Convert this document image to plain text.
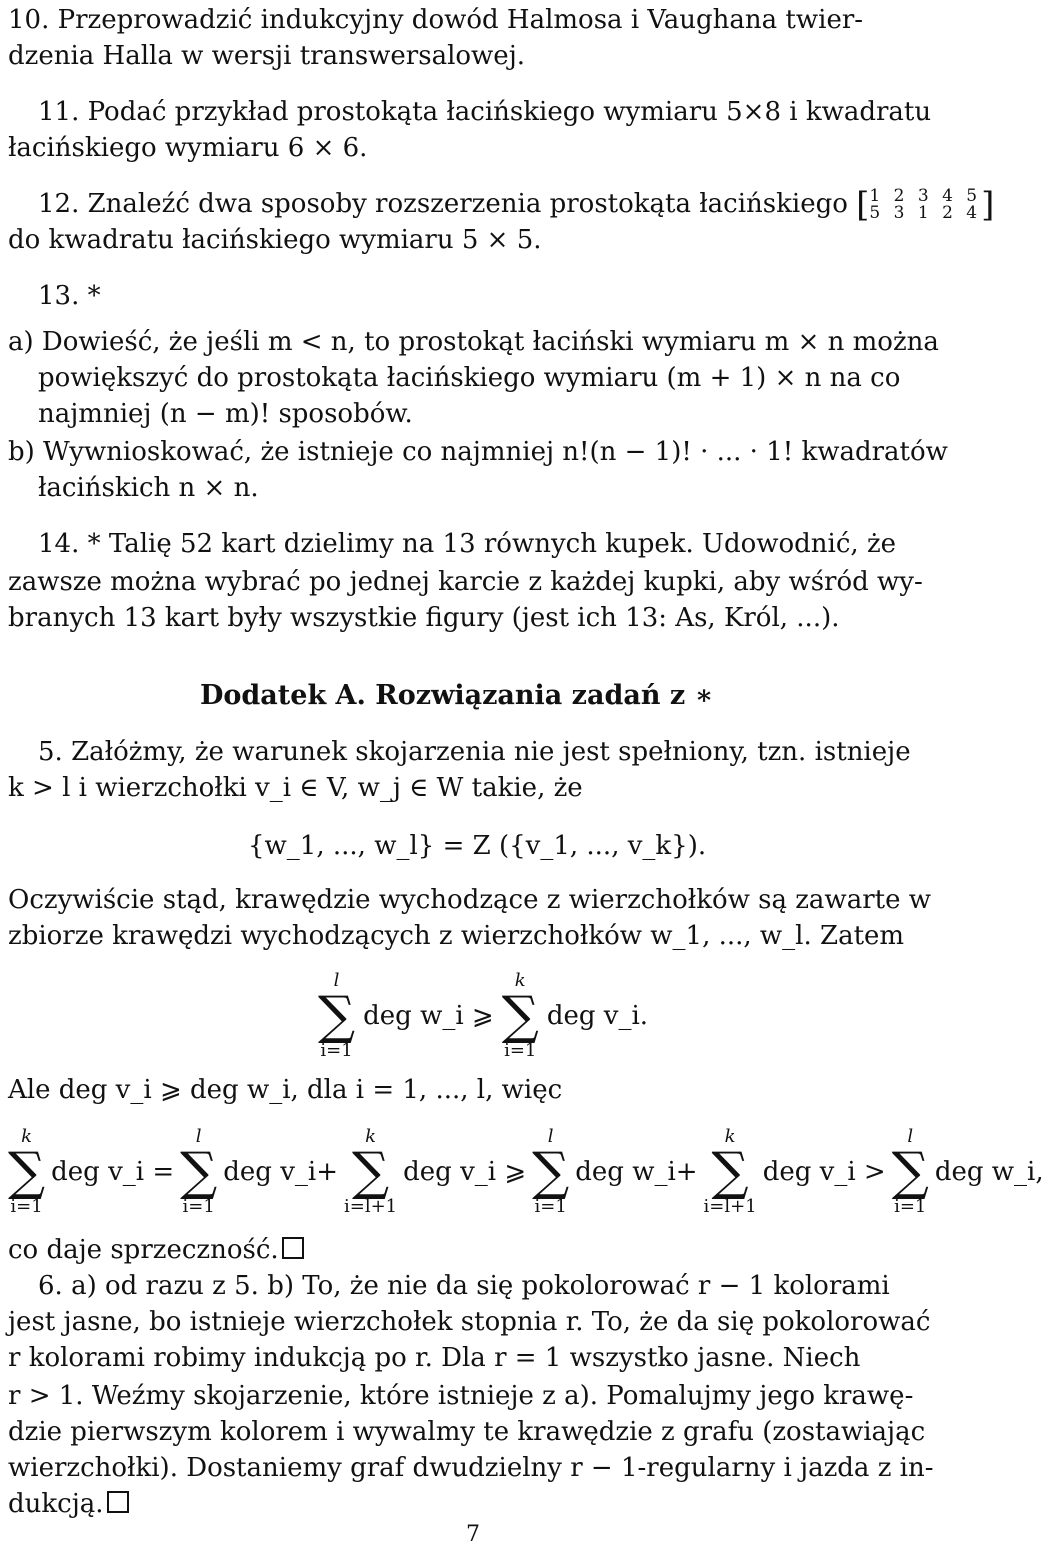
10. Przeprowadzić indukcyjny dowód Halmosa i Vaughana twier-
dzenia Halla w wersji transwersalowej.
11. Podać przykład prostokąta łacińskiego wymiaru 5×8 i kwadratu
łacińskiego wymiaru 6 × 6.
12. Znaleźć dwa sposoby rozszerzenia prostokąta łacińskiego [ 1 2 3 4 5
5 3 1 2 4 ]
do kwadratu łacińskiego wymiaru 5 × 5.
13. *
a) Dowieść, że jeśli m < n, to prostokąt łaciński wymiaru m × n można
powiększyć do prostokąta łacińskiego wymiaru (m + 1) × n na co
najmniej (n − m)! sposobów.
b) Wywnioskować, że istnieje co najmniej n!(n − 1)! · ... · 1! kwadratów
łacińskich n × n.
14. * Talię 52 kart dzielimy na 13 równych kupek. Udowodnić, że
zawsze można wybrać po jednej karcie z każdej kupki, aby wśród wy-
branych 13 kart były wszystkie figury (jest ich 13: As, Król, ...).
Dodatek A. Rozwiązania zadań z ∗
5. Załóżmy, że warunek skojarzenia nie jest spełniony, tzn. istnieje
k > l i wierzchołki v_i ∈ V, w_j ∈ W takie, że
{w_1, ..., w_l} = Z ({v_1, ..., v_k}).
Oczywiście stąd, krawędzie wychodzące z wierzchołków są zawarte w
zbiorze krawędzi wychodzących z wierzchołków w_1, ..., w_l. Zatem
l
∑
i=1
deg w_i ⩾
k
∑
i=1
deg v_i.
Ale deg v_i ⩾ deg w_i, dla i = 1, ..., l, więc
k
∑
i=1
deg v_i =
l
∑
i=1
deg v_i+
k
∑
i=l+1
deg v_i ⩾
l
∑
i=1
deg w_i+
k
∑
i=l+1
deg v_i >
l
∑
i=1
deg w_i,
co daje sprzeczność.
6. a) od razu z 5. b) To, że nie da się pokolorować r − 1 kolorami
jest jasne, bo istnieje wierzchołek stopnia r. To, że da się pokolorować
r kolorami robimy indukcją po r. Dla r = 1 wszystko jasne. Niech
r > 1. Weźmy skojarzenie, które istnieje z a). Pomalujmy jego krawę-
dzie pierwszym kolorem i wywalmy te krawędzie z grafu (zostawiając
wierzchołki). Dostaniemy graf dwudzielny r − 1-regularny i jazda z in-
dukcją.
7
